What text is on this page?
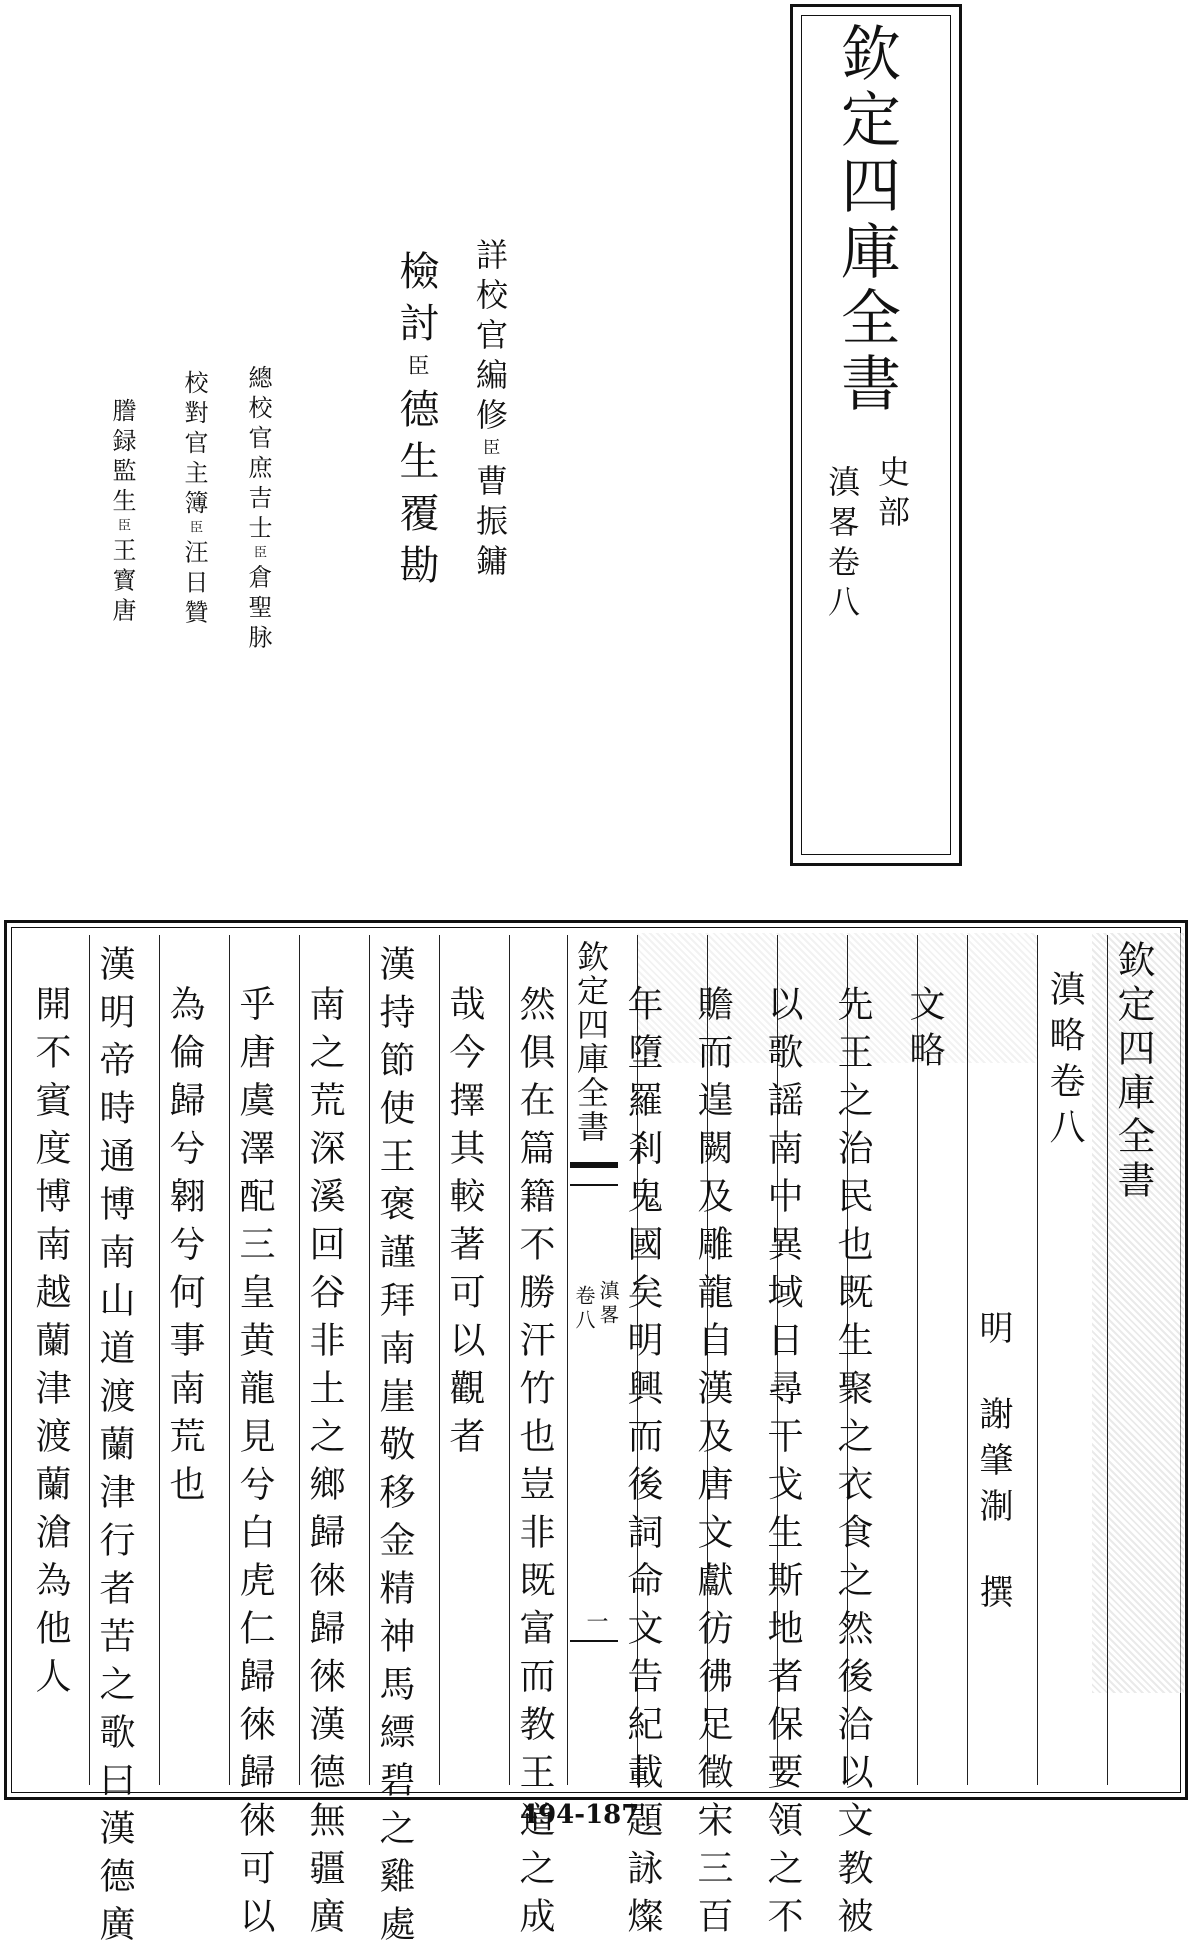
欽定四庫全書
史部
滇畧卷八
詳校官編修臣曹振鏞
檢討臣德生覆勘
總校官庶吉士臣倉聖脉
校對官主簿臣汪日贊
謄録監生臣王寳唐
欽定四庫全書
滇略卷八
明謝肇淛撰
文略
先王之治民也既生聚之衣食之然後洽以文教被
以歌謡南中異域日尋干戈生斯地者保要領之不
贍而遑闕及雕龍自漢及唐文獻彷彿足徵宋三百
年墮羅剎鬼國矣明興而後詞命文告紀載題詠燦
欽定四庫全書
滇畧
卷八
一
然俱在篇籍不勝汗竹也豈非既富而教王道之成
哉今擇其較著可以觀者
漢持節使王褒謹拜南崖敬移金精神馬縹碧之雞處
南之荒深溪回谷非土之鄉歸徠歸徠漢德無疆廣
乎唐虞澤配三皇黄龍見兮白虎仁歸徠歸徠可以
為倫歸兮翱兮何事南荒也
漢明帝時通博南山道渡蘭津行者苦之歌曰漢德廣
開不賓度博南越蘭津渡蘭滄為他人
494-187
